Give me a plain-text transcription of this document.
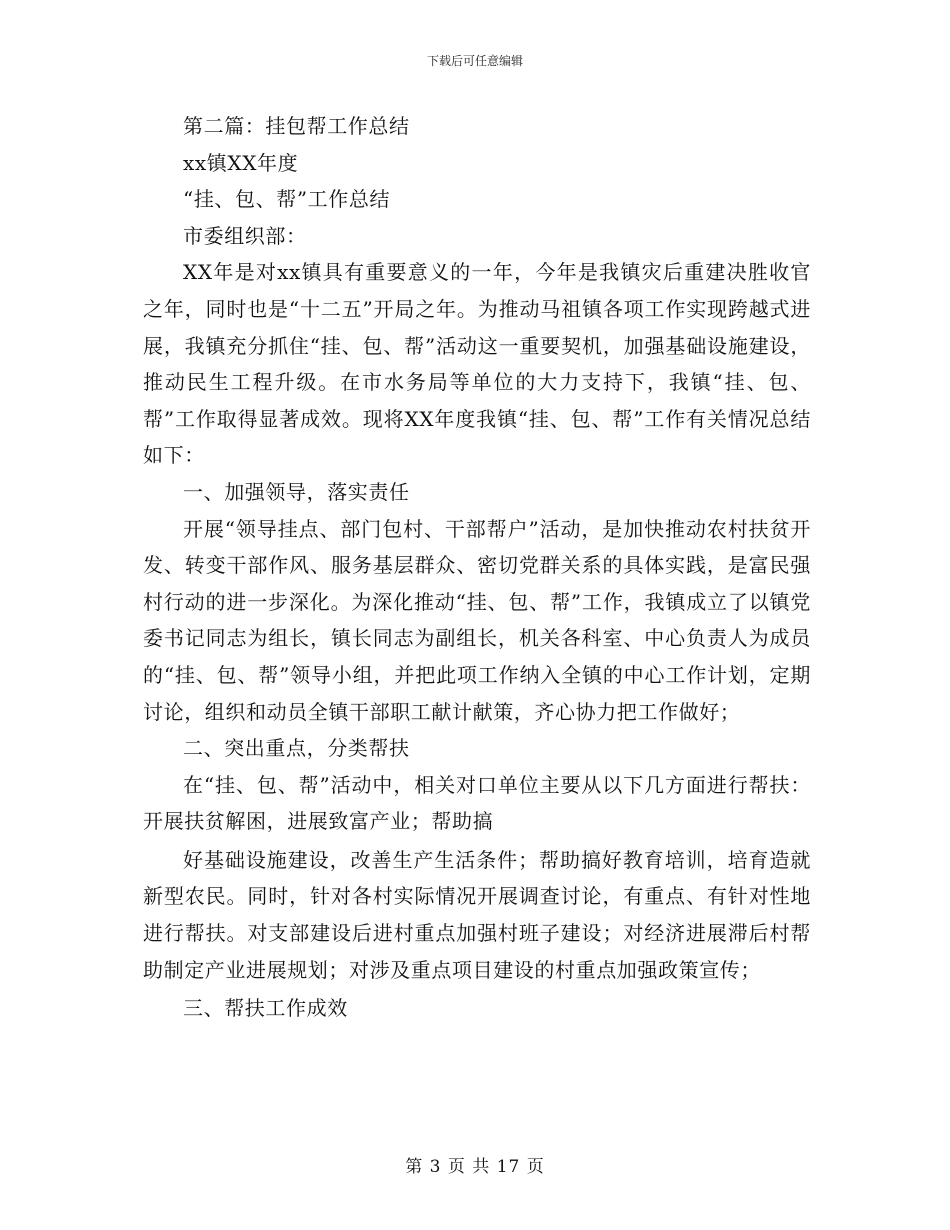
下载后可任意编辑

第二篇：挂包帮工作总结

xx镇XX年度

“挂、包、帮”工作总结

市委组织部：

XX年是对xx镇具有重要意义的一年，今年是我镇灾后重建决胜收官之年，同时也是“十二五”开局之年。为推动马祖镇各项工作实现跨越式进展，我镇充分抓住“挂、包、帮”活动这一重要契机，加强基础设施建设，推动民生工程升级。在市水务局等单位的大力支持下，我镇“挂、包、帮”工作取得显著成效。现将XX年度我镇“挂、包、帮”工作有关情况总结如下：

一、加强领导，落实责任

开展“领导挂点、部门包村、干部帮户”活动，是加快推动农村扶贫开发、转变干部作风、服务基层群众、密切党群关系的具体实践，是富民强村行动的进一步深化。为深化推动“挂、包、帮”工作，我镇成立了以镇党委书记同志为组长，镇长同志为副组长，机关各科室、中心负责人为成员的“挂、包、帮”领导小组，并把此项工作纳入全镇的中心工作计划，定期讨论，组织和动员全镇干部职工献计献策，齐心协力把工作做好；

二、突出重点，分类帮扶

在“挂、包、帮”活动中，相关对口单位主要从以下几方面进行帮扶：开展扶贫解困，进展致富产业；帮助搞

好基础设施建设，改善生产生活条件；帮助搞好教育培训，培育造就新型农民。同时，针对各村实际情况开展调查讨论，有重点、有针对性地进行帮扶。对支部建设后进村重点加强村班子建设；对经济进展滞后村帮助制定产业进展规划；对涉及重点项目建设的村重点加强政策宣传；

三、帮扶工作成效

第 3 页 共 17 页
